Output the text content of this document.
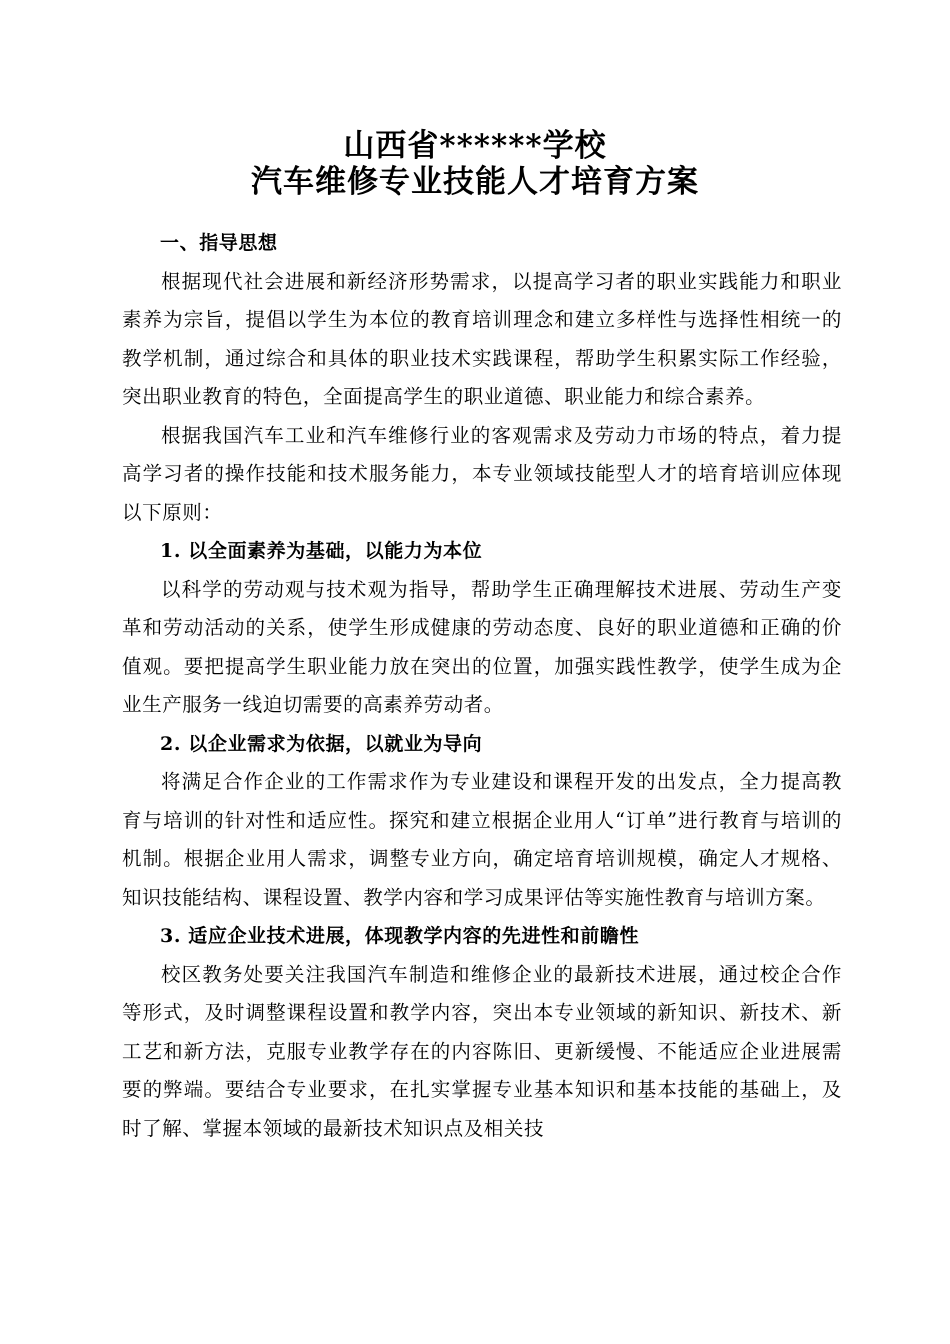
山西省******学校
汽车维修专业技能人才培育方案

一、指导思想

根据现代社会进展和新经济形势需求，以提高学习者的职业实践能力和职业素养为宗旨，提倡以学生为本位的教育培训理念和建立多样性与选择性相统一的教学机制，通过综合和具体的职业技术实践课程，帮助学生积累实际工作经验，突出职业教育的特色，全面提高学生的职业道德、职业能力和综合素养。

根据我国汽车工业和汽车维修行业的客观需求及劳动力市场的特点，着力提高学习者的操作技能和技术服务能力，本专业领域技能型人才的培育培训应体现以下原则：

1. 以全面素养为基础，以能力为本位

以科学的劳动观与技术观为指导，帮助学生正确理解技术进展、劳动生产变革和劳动活动的关系，使学生形成健康的劳动态度、良好的职业道德和正确的价值观。要把提高学生职业能力放在突出的位置，加强实践性教学，使学生成为企业生产服务一线迫切需要的高素养劳动者。

2. 以企业需求为依据，以就业为导向

将满足合作企业的工作需求作为专业建设和课程开发的出发点，全力提高教育与培训的针对性和适应性。探究和建立根据企业用人“订单”进行教育与培训的机制。根据企业用人需求，调整专业方向，确定培育培训规模，确定人才规格、知识技能结构、课程设置、教学内容和学习成果评估等实施性教育与培训方案。

3. 适应企业技术进展，体现教学内容的先进性和前瞻性

校区教务处要关注我国汽车制造和维修企业的最新技术进展，通过校企合作等形式，及时调整课程设置和教学内容，突出本专业领域的新知识、新技术、新工艺和新方法，克服专业教学存在的内容陈旧、更新缓慢、不能适应企业进展需要的弊端。要结合专业要求，在扎实掌握专业基本知识和基本技能的基础上，及时了解、掌握本领域的最新技术知识点及相关技
